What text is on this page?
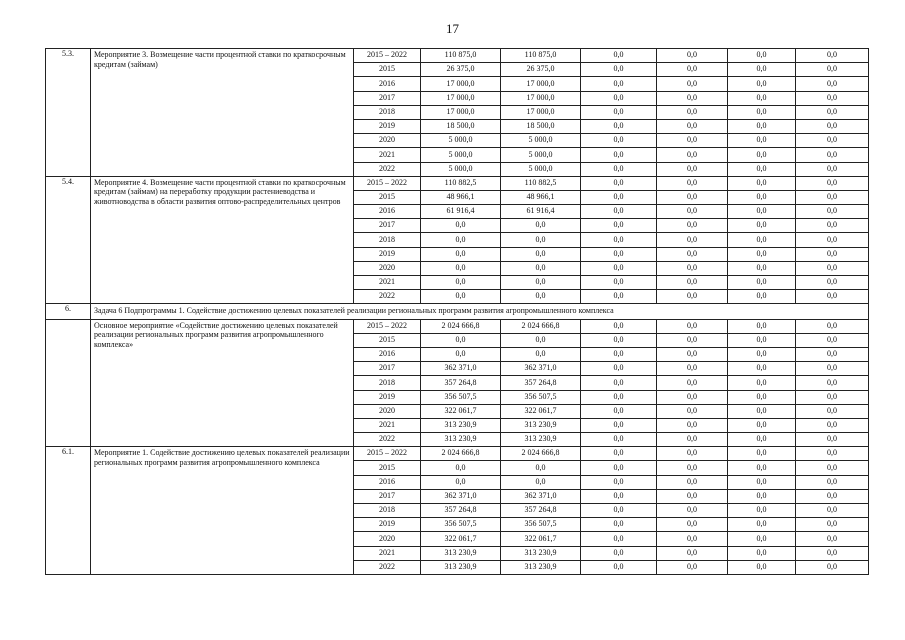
17
5.3.	Мероприятие 3. Возмещение части процентной ставки по краткосрочным кредитам (займам)	2015 – 2022	110 875,0	110 875,0	0,0	0,0	0,0	0,0
		2015	26 375,0	26 375,0	0,0	0,0	0,0	0,0
		2016	17 000,0	17 000,0	0,0	0,0	0,0	0,0
		2017	17 000,0	17 000,0	0,0	0,0	0,0	0,0
		2018	17 000,0	17 000,0	0,0	0,0	0,0	0,0
		2019	18 500,0	18 500,0	0,0	0,0	0,0	0,0
		2020	5 000,0	5 000,0	0,0	0,0	0,0	0,0
		2021	5 000,0	5 000,0	0,0	0,0	0,0	0,0
		2022	5 000,0	5 000,0	0,0	0,0	0,0	0,0
5.4.	Мероприятие 4. Возмещение части процентной ставки по краткосрочным кредитам (займам) на переработку продукции растениеводства и животноводства в области развития оптово-распределительных центров	2015 – 2022	110 882,5	110 882,5	0,0	0,0	0,0	0,0
		2015	48 966,1	48 966,1	0,0	0,0	0,0	0,0
		2016	61 916,4	61 916,4	0,0	0,0	0,0	0,0
		2017	0,0	0,0	0,0	0,0	0,0	0,0
		2018	0,0	0,0	0,0	0,0	0,0	0,0
		2019	0,0	0,0	0,0	0,0	0,0	0,0
		2020	0,0	0,0	0,0	0,0	0,0	0,0
		2021	0,0	0,0	0,0	0,0	0,0	0,0
		2022	0,0	0,0	0,0	0,0	0,0	0,0
6.	Задача 6 Подпрограммы 1. Содействие достижению целевых показателей реализации региональных программ развития агропромышленного комплекса							
	Основное мероприятие «Содействие достижению целевых показателей реализации региональных программ развития агропромышленного комплекса»	2015 – 2022	2 024 666,8	2 024 666,8	0,0	0,0	0,0	0,0
		2015	0,0	0,0	0,0	0,0	0,0	0,0
		2016	0,0	0,0	0,0	0,0	0,0	0,0
		2017	362 371,0	362 371,0	0,0	0,0	0,0	0,0
		2018	357 264,8	357 264,8	0,0	0,0	0,0	0,0
		2019	356 507,5	356 507,5	0,0	0,0	0,0	0,0
		2020	322 061,7	322 061,7	0,0	0,0	0,0	0,0
		2021	313 230,9	313 230,9	0,0	0,0	0,0	0,0
		2022	313 230,9	313 230,9	0,0	0,0	0,0	0,0
6.1.	Мероприятие 1. Содействие достижению целевых показателей реализации региональных программ развития агропромышленного комплекса	2015 – 2022	2 024 666,8	2 024 666,8	0,0	0,0	0,0	0,0
		2015	0,0	0,0	0,0	0,0	0,0	0,0
		2016	0,0	0,0	0,0	0,0	0,0	0,0
		2017	362 371,0	362 371,0	0,0	0,0	0,0	0,0
		2018	357 264,8	357 264,8	0,0	0,0	0,0	0,0
		2019	356 507,5	356 507,5	0,0	0,0	0,0	0,0
		2020	322 061,7	322 061,7	0,0	0,0	0,0	0,0
		2021	313 230,9	313 230,9	0,0	0,0	0,0	0,0
		2022	313 230,9	313 230,9	0,0	0,0	0,0	0,0
